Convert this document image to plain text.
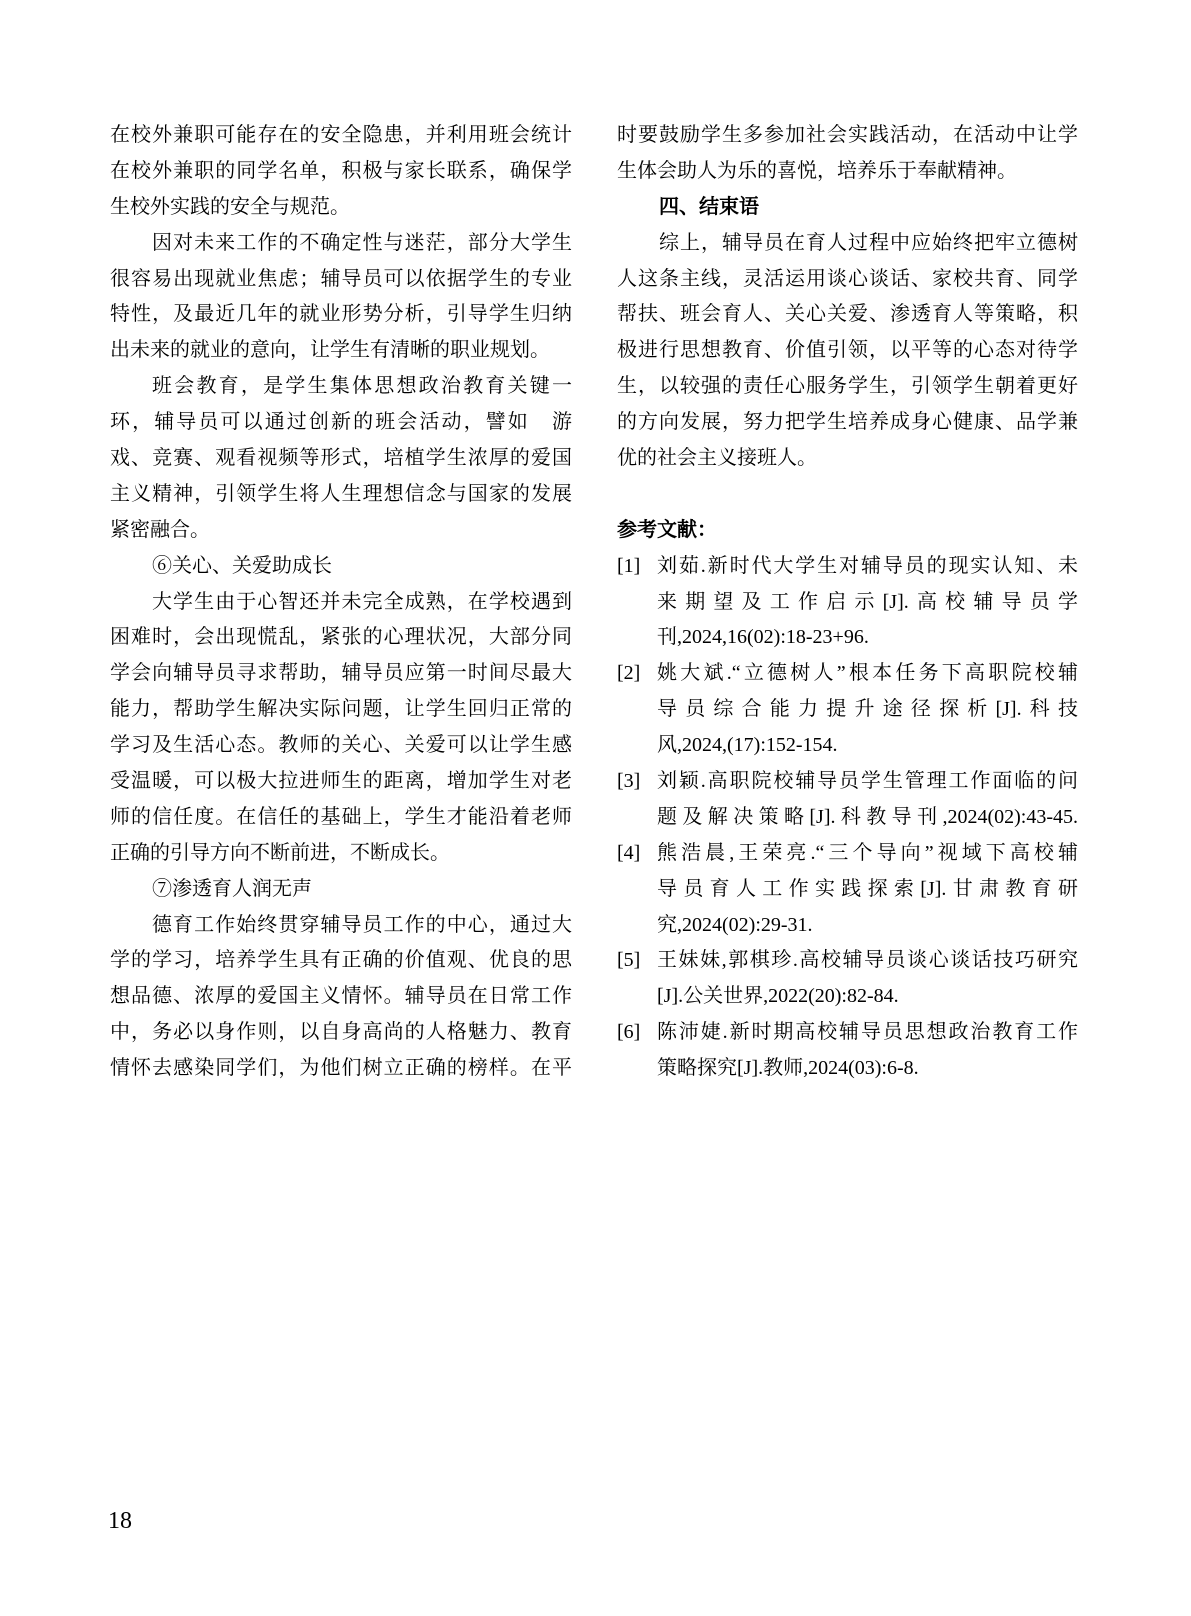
在校外兼职可能存在的安全隐患，并利用班会统计
在校外兼职的同学名单，积极与家长联系，确保学
生校外实践的安全与规范。
因对未来工作的不确定性与迷茫，部分大学生
很容易出现就业焦虑；辅导员可以依据学生的专业
特性，及最近几年的就业形势分析，引导学生归纳
出未来的就业的意向，让学生有清晰的职业规划。
班会教育，是学生集体思想政治教育关键一
环，辅导员可以通过创新的班会活动，譬如　游
戏、竞赛、观看视频等形式，培植学生浓厚的爱国
主义精神，引领学生将人生理想信念与国家的发展
紧密融合。
⑥关心、关爱助成长
大学生由于心智还并未完全成熟，在学校遇到
困难时，会出现慌乱，紧张的心理状况，大部分同
学会向辅导员寻求帮助，辅导员应第一时间尽最大
能力，帮助学生解决实际问题，让学生回归正常的
学习及生活心态。教师的关心、关爱可以让学生感
受温暖，可以极大拉进师生的距离，增加学生对老
师的信任度。在信任的基础上，学生才能沿着老师
正确的引导方向不断前进，不断成长。
⑦渗透育人润无声
德育工作始终贯穿辅导员工作的中心，通过大
学的学习，培养学生具有正确的价值观、优良的思
想品德、浓厚的爱国主义情怀。辅导员在日常工作
中，务必以身作则，以自身高尚的人格魅力、教育
情怀去感染同学们，为他们树立正确的榜样。在平
时要鼓励学生多参加社会实践活动，在活动中让学
生体会助人为乐的喜悦，培养乐于奉献精神。
四、结束语
综上，辅导员在育人过程中应始终把牢立德树
人这条主线，灵活运用谈心谈话、家校共育、同学
帮扶、班会育人、关心关爱、渗透育人等策略，积
极进行思想教育、价值引领，以平等的心态对待学
生，以较强的责任心服务学生，引领学生朝着更好
的方向发展，努力把学生培养成身心健康、品学兼
优的社会主义接班人。
参考文献：
[1] 刘茹.新时代大学生对辅导员的现实认知、未
来期望及工作启示[J].高校辅导员学
刊,2024,16(02):18-23+96.
[2] 姚大斌.“立德树人”根本任务下高职院校辅
导员综合能力提升途径探析[J].科技
风,2024,(17):152-154.
[3] 刘颖.高职院校辅导员学生管理工作面临的问
题及解决策略[J].科教导刊,2024(02):43-45.
[4] 熊浩晨,王荣亮.“三个导向”视域下高校辅
导员育人工作实践探索[J].甘肃教育研
究,2024(02):29-31.
[5] 王妹妹,郭棋珍.高校辅导员谈心谈话技巧研究
[J].公关世界,2022(20):82-84.
[6] 陈沛婕.新时期高校辅导员思想政治教育工作
策略探究[J].教师,2024(03):6-8.
18
